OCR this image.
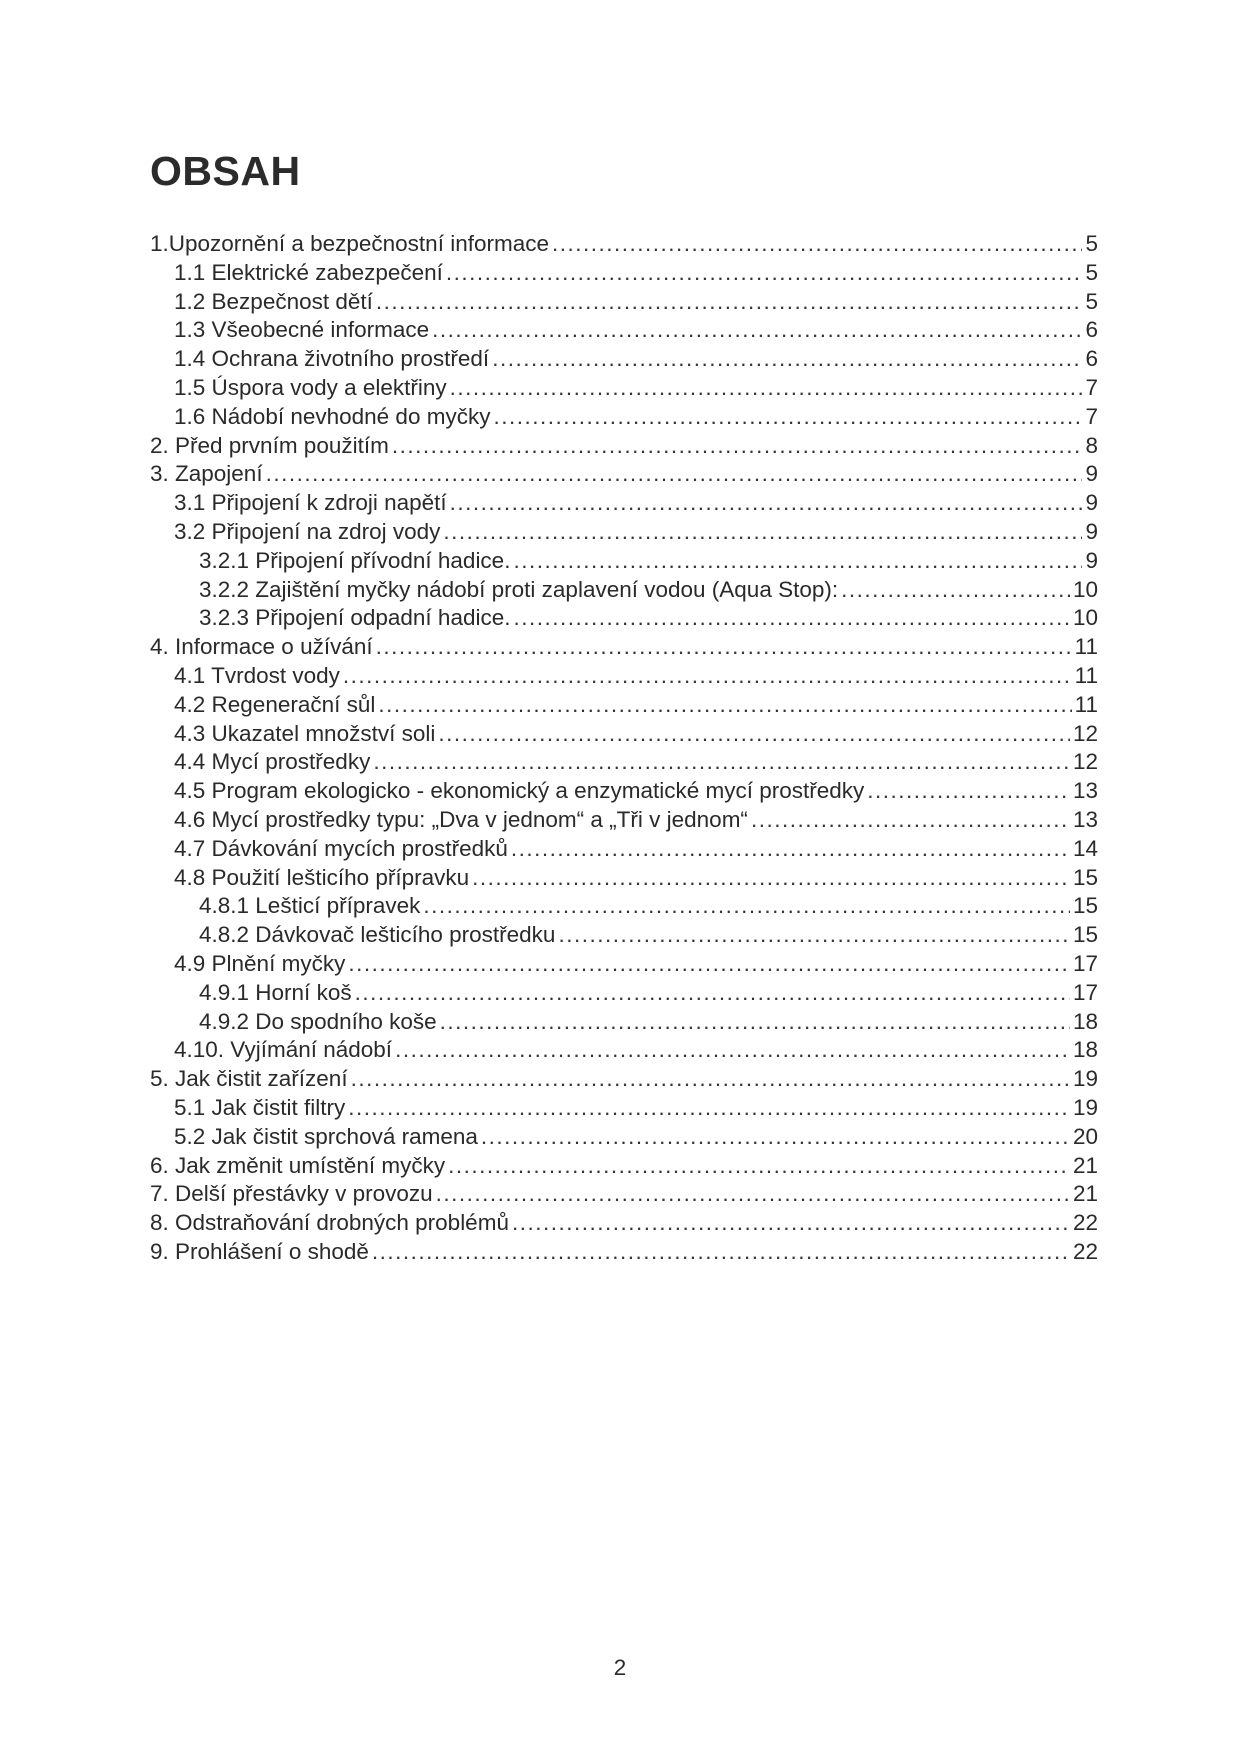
OBSAH
1.Upozornění a bezpečnostní informace .....	5
1.1 Elektrické zabezpečení .....	5
1.2 Bezpečnost dětí .....	5
1.3 Všeobecné informace .....	6
1.4 Ochrana životního prostředí .....	6
1.5 Úspora vody a elektřiny .....	7
1.6 Nádobí nevhodné do myčky .....	7
2. Před prvním použitím .....	8
3. Zapojení .....	9
3.1 Připojení k zdroji napětí .....	9
3.2 Připojení na zdroj vody .....	9
3.2.1 Připojení přívodní hadice. .....	9
3.2.2 Zajištění myčky nádobí proti zaplavení vodou (Aqua Stop): .....	10
3.2.3 Připojení odpadní hadice. .....	10
4. Informace o užívání .....	11
4.1 Tvrdost vody .....	11
4.2 Regenerační sůl .....	11
4.3 Ukazatel množství soli .....	12
4.4 Mycí prostředky .....	12
4.5 Program ekologicko - ekonomický a enzymatické mycí prostředky .....	13
4.6 Mycí prostředky typu: „Dva v jednom“ a „Tři v jednom“ .....	13
4.7 Dávkování mycích prostředků .....	14
4.8 Použití lešticího přípravku .....	15
4.8.1 Lešticí přípravek .....	15
4.8.2 Dávkovač lešticího prostředku .....	15
4.9 Plnění myčky .....	17
4.9.1 Horní koš .....	17
4.9.2 Do spodního koše .....	18
4.10. Vyjímání nádobí .....	18
5. Jak čistit zařízení .....	19
5.1 Jak čistit filtry .....	19
5.2 Jak čistit sprchová ramena .....	20
6. Jak změnit umístění myčky .....	21
7. Delší přestávky v provozu .....	21
8. Odstraňování drobných problémů .....	22
9. Prohlášení o shodě .....	22
2
